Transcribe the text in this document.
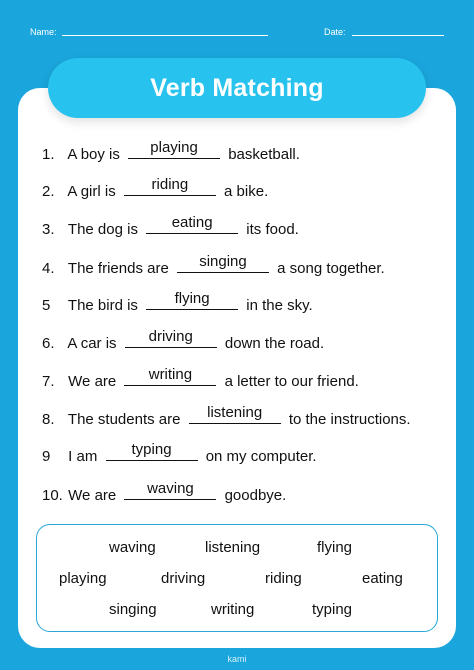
Name:	Date:
Verb Matching
1. A boy is	playing	basketball.
2. A girl is	riding	a bike.
3. The dog is	eating	its food.
4. The friends are	singing	a song together.
5 The bird is	flying	in the sky.
6. A car is	driving	down the road.
7. We are	writing	a letter to our friend.
8. The students are	listening	to the instructions.
9 I am	typing	on my computer.
10. We are	waving	goodbye.
waving	listening	flying
playing	driving	riding	eating
singing	writing	typing
kami
